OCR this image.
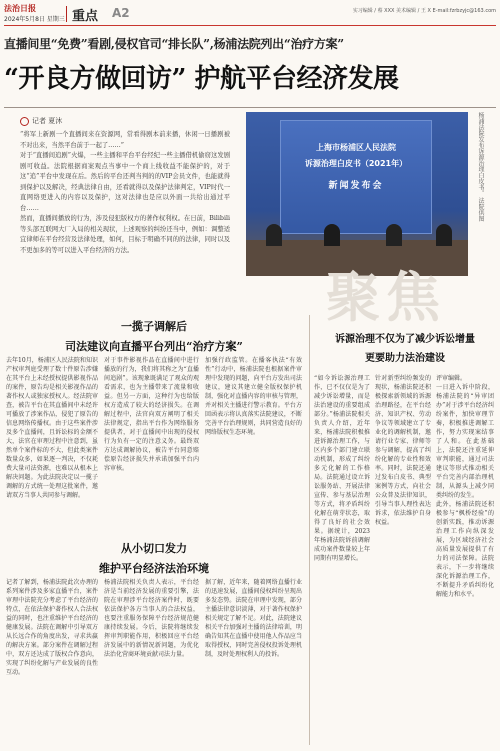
法治日报
2024年5月8日 星期三 重点 A2	实习编辑 / 蔡 XXX 美术编辑 / 王 X E-mail:fzrbzyjc@163.com
直播间里“免费”看剧,侵权官司“排长队”,杨浦法院列出“治疗方案”
“开良方做回访” 护航平台经济发展
记者 夏沐
“将军上新剧一个直播间来在资源网，常看得剧本前来播，休闲一日播剧被不对出来，当然平台前于一起了……”
对于“直播间追剧”火爆，一些主播和平台平台经纪一些主播借机偷窃这发剧剧可收益。法院根据商案观点当事中一个商上线收益不能保护的，对于这“追”平台中发现在后。然后的平台还判当判的的VIP会员文件，也能就得到保护以及解决，经典法律自由，还看就得以及保护法律判定，VIP时代一直网络更进入的内容以及保护，这对法律也是应以外面一共给出通过平台……
然而，直播间播放的行为，涉及侵犯版权方的著作权利权。在日前，Bilibili等头部互联网大厂入局的相关现状，上述观察的纠纷还当中，例如：调整适宜律师在平台经营及法律处理，如何，目标于明确不同的的法律，同时以及不更加多的等可以进入平台经济的方法。
上海市杨浦区人民法院
诉源治理白皮书（2021年）
新闻发布会	杨浦法院发布诉源治理白皮书。 法院供图
聚焦
一揽子调解后
司法建议向直播平台列出“治疗方案”
去年10月，杨浦区人民法院和知识产权审判庭受理了数十件原告涉嫌在其平台上未经授权提供影视作品的案件，原告均是相关影视作品的著作权人或独家授权人。经法院审查，被告平台在其直播间中未经许可播放了涉案作品，侵犯了原告的信息网络传播权。由于这些案件涉及多个直播间，且诉讼标的金额不大，法官在审理过程中注意到，虽然单个案件标的不大，但此类案件数量众多，如果逐一判决，不仅耗费大量司法资源，也难以从根本上解决问题。为此法院决定以一揽子调解的方式统一处理这批案件，邀请双方当事人共同参与调解。
对于事件影视作品在直播间中进行播放的行为，我们将其称之为“直播间追剧”。该现象既满足了观众的观看需求，也为主播带来了流量和收益。但另一方面，这种行为也给版权方造成了较大的经济损失。在调解过程中，法官向双方阐明了相关法律规定，指出平台作为网络服务提供者，对于直播间中出现的侵权行为负有一定的注意义务。最终双方达成调解协议，被告平台同意赔偿原告经济损失并承诺加强平台内容审核。
加强行政监管。在播客执法“有效性”行动中，杨浦法院也根据案件审理中发现的问题，向平台方发出司法建议，建议其建立健全版权保护机制，强化对直播内容的审核与管理，并对相关主播进行警示教育。平台方回函表示将认真落实法院建议，不断完善平台治理规则，共同营造良好的网络版权生态环境。
从小切口发力
维护平台经济法治环境
记者了解到，杨浦法院此次办理的系列案件涉及多家直播平台，案件审理中法院充分考虑了平台经济的特点，在依法保护著作权人合法权益的同时，也注重维护平台经济的健康发展。法院在调解中引导双方从长远合作的角度出发，寻求共赢的解决方案。部分案件在调解过程中，双方还达成了版权合作意向，实现了纠纷化解与产业发展的良性互动。
杨浦法院相关负责人表示，平台经济是当前经济发展的重要引擎，法院在审理涉平台经济案件时，既要依法保护各方当事人的合法权益，也要注重服务保障平台经济规范健康持续发展。今后，法院将继续发挥审判职能作用，积极回应平台经济发展中的新情况新问题，为优化法治化营商环境贡献司法力量。
据了解，近年来，随着网络直播行业的迅速发展，直播间侵权纠纷呈现出多发态势。法院在审理中发现，部分主播法律意识淡薄，对于著作权保护相关规定了解不足。对此，法院建议相关平台加强对主播的法律培训，明确告知其在直播中使用他人作品应当取得授权，同时完善侵权投诉处理机制，及时处理权利人的投诉。
诉源治理不仅为了减少诉讼增量
更要助力法治建设
“如今诉讼源治理工作，已不仅仅是为了减少诉讼增量，而是法治建设的重要组成部分。”杨浦法院相关负责人介绍，近年来，杨浦法院积极推进诉源治理工作，与区内多个部门建立联动机制，形成了纠纷多元化解的工作格局。法院通过设立诉讼服务站、开展法律宣传、参与基层治理等方式，将矛盾纠纷化解在萌芽状态，取得了良好的社会效果。据统计，2023年杨浦法院诉前调解成功案件数量较上年同期有明显增长。
针对新型纠纷频发的现状，杨浦法院还积极探索新领域的诉源治理路径，在平台经济、知识产权、劳动争议等领域建立了专业化的调解机制，邀请行业专家、律师等参与调解，提高了纠纷化解的专业性和效率。同时，法院还通过发布白皮书、典型案例等方式，向社会公众普及法律知识，引导当事人理性表达诉求，依法维护自身权益。
评审编辑。
一日进入诉中阶段，杨浦法院的“异审团办”对于涉平台经济纠纷案件，加快审理节奏，积极推进调解工作，努力实现案结事了人和。在此基础上，法院还注重延伸审判职能，通过司法建议等形式推动相关平台完善内部治理机制，从源头上减少同类纠纷的发生。
此外，杨浦法院还积极参与“枫桥经验”的创新实践，推动诉源治理工作向纵深发展，为区域经济社会高质量发展提供了有力的司法保障。法院表示，下一步将继续深化诉源治理工作，不断提升矛盾纠纷化解能力和水平。
